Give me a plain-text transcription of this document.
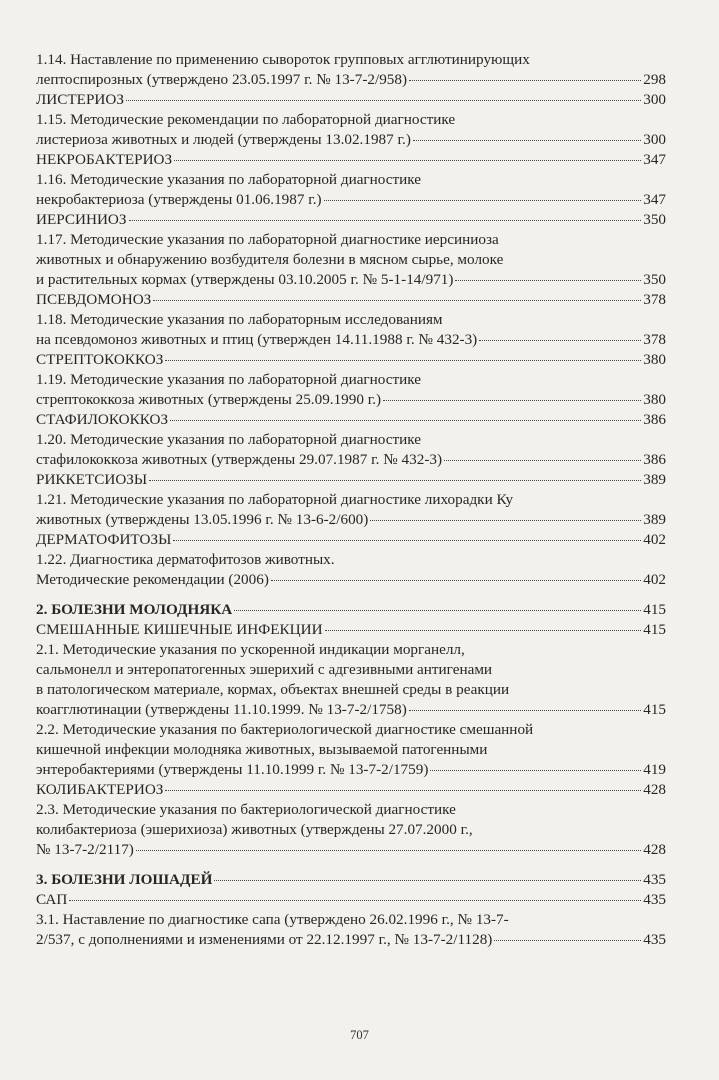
1.14. Наставление по применению сывороток групповых агглютинирующих
лептоспирозных (утверждено 23.05.1997 г. № 13-7-2/958)	298
ЛИСТЕРИОЗ	300
1.15. Методические рекомендации по лабораторной диагностике
листериоза животных и людей (утверждены 13.02.1987 г.)	300
НЕКРОБАКТЕРИОЗ	347
1.16. Методические указания по лабораторной диагностике
некробактериоза (утверждены 01.06.1987 г.)	347
ИЕРСИНИОЗ	350
1.17. Методические указания по лабораторной диагностике иерсиниоза
животных и обнаружению возбудителя болезни в мясном сырье, молоке
и растительных кормах (утверждены 03.10.2005 г. № 5-1-14/971)	350
ПСЕВДОМОНОЗ	378
1.18. Методические указания по лабораторным исследованиям
на псевдомоноз животных и птиц (утвержден 14.11.1988 г. № 432-3)	378
СТРЕПТОКОККОЗ	380
1.19. Методические указания по лабораторной диагностике
стрептококкоза животных (утверждены 25.09.1990 г.)	380
СТАФИЛОКОККОЗ	386
1.20. Методические указания по лабораторной диагностике
стафилококкоза животных (утверждены 29.07.1987 г. № 432-3)	386
РИККЕТСИОЗЫ	389
1.21. Методические указания по лабораторной диагностике лихорадки Ку
животных (утверждены 13.05.1996 г. № 13-6-2/600)	389
ДЕРМАТОФИТОЗЫ	402
1.22. Диагностика дерматофитозов животных.
Методические рекомендации (2006)	402
2. БОЛЕЗНИ МОЛОДНЯКА	415
СМЕШАННЫЕ КИШЕЧНЫЕ ИНФЕКЦИИ	415
2.1. Методические указания по ускоренной индикации морганелл,
сальмонелл и энтеропатогенных эшерихий с адгезивными антигенами
в патологическом материале, кормах, объектах внешней среды в реакции
коагглютинации (утверждены 11.10.1999. № 13-7-2/1758)	415
2.2. Методические указания по бактериологической диагностике смешанной
кишечной инфекции молодняка животных, вызываемой патогенными
энтеробактериями (утверждены 11.10.1999 г. № 13-7-2/1759)	419
КОЛИБАКТЕРИОЗ	428
2.3. Методические указания по бактериологической диагностике
колибактериоза (эшерихиоза) животных (утверждены 27.07.2000 г.,
№ 13-7-2/2117)	428
3. БОЛЕЗНИ ЛОШАДЕЙ	435
САП	435
3.1. Наставление по диагностике сапа (утверждено 26.02.1996 г., № 13-7-
2/537, с дополнениями и изменениями от 22.12.1997 г., № 13-7-2/1128)	435
707
